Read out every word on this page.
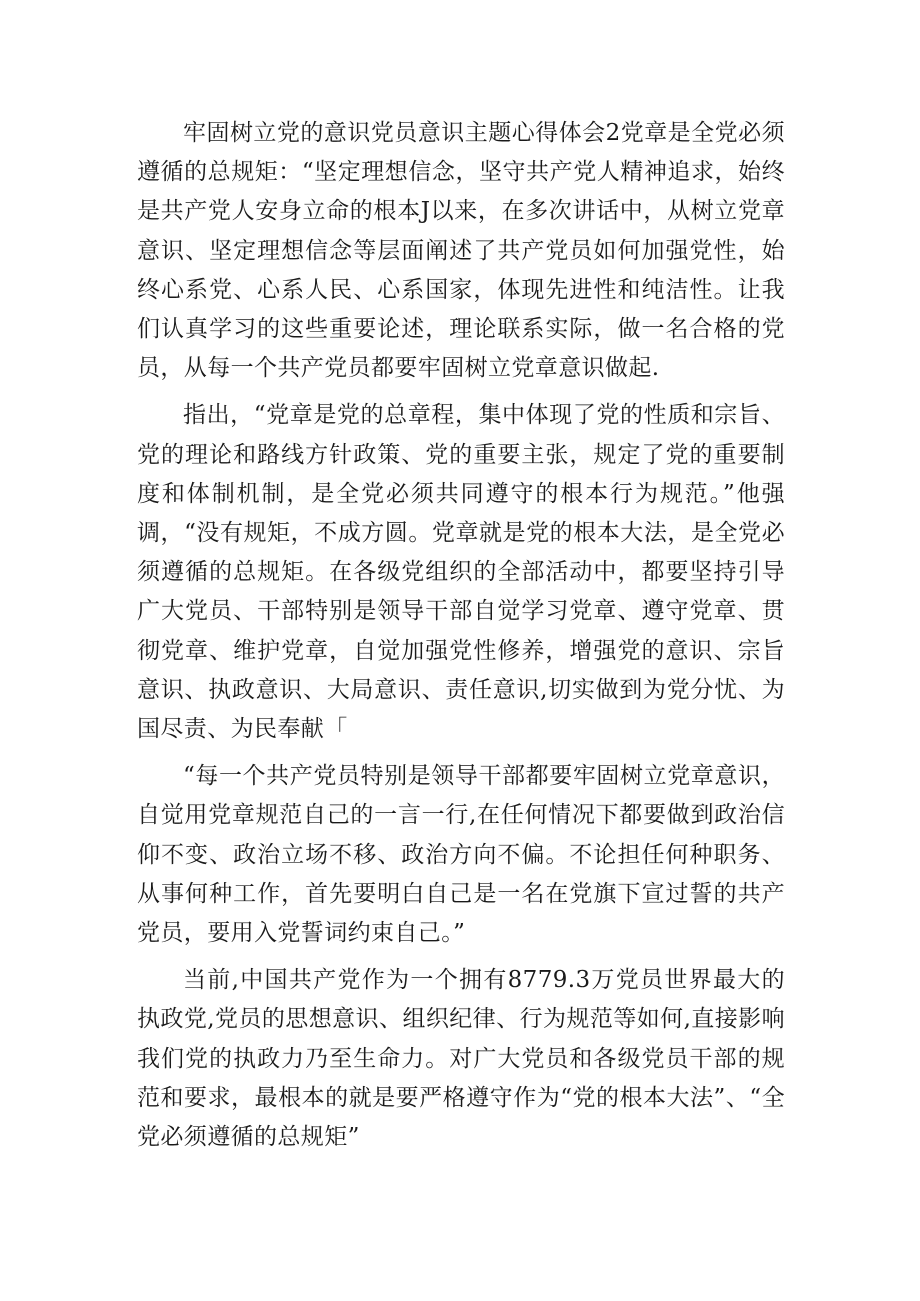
牢固树立党的意识党员意识主题心得体会2党章是全党必须遵循的总规矩：“坚定理想信念，坚守共产党人精神追求，始终是共产党人安身立命的根本J以来，在多次讲话中，从树立党章意识、坚定理想信念等层面阐述了共产党员如何加强党性，始终心系党、心系人民、心系国家，体现先进性和纯洁性。让我们认真学习的这些重要论述，理论联系实际，做一名合格的党员，从每一个共产党员都要牢固树立党章意识做起.

指出，“党章是党的总章程，集中体现了党的性质和宗旨、党的理论和路线方针政策、党的重要主张，规定了党的重要制度和体制机制，是全党必须共同遵守的根本行为规范。”他强调，“没有规矩，不成方圆。党章就是党的根本大法，是全党必须遵循的总规矩。在各级党组织的全部活动中，都要坚持引导广大党员、干部特别是领导干部自觉学习党章、遵守党章、贯彻党章、维护党章，自觉加强党性修养，增强党的意识、宗旨意识、执政意识、大局意识、责任意识,切实做到为党分忧、为国尽责、为民奉献「

“每一个共产党员特别是领导干部都要牢固树立党章意识，自觉用党章规范自己的一言一行,在任何情况下都要做到政治信仰不变、政治立场不移、政治方向不偏。不论担任何种职务、从事何种工作，首先要明白自己是一名在党旗下宣过誓的共产党员，要用入党誓词约束自己。”

当前,中国共产党作为一个拥有8779.3万党员世界最大的执政党,党员的思想意识、组织纪律、行为规范等如何,直接影响我们党的执政力乃至生命力。对广大党员和各级党员干部的规范和要求，最根本的就是要严格遵守作为“党的根本大法”、“全党必须遵循的总规矩”
